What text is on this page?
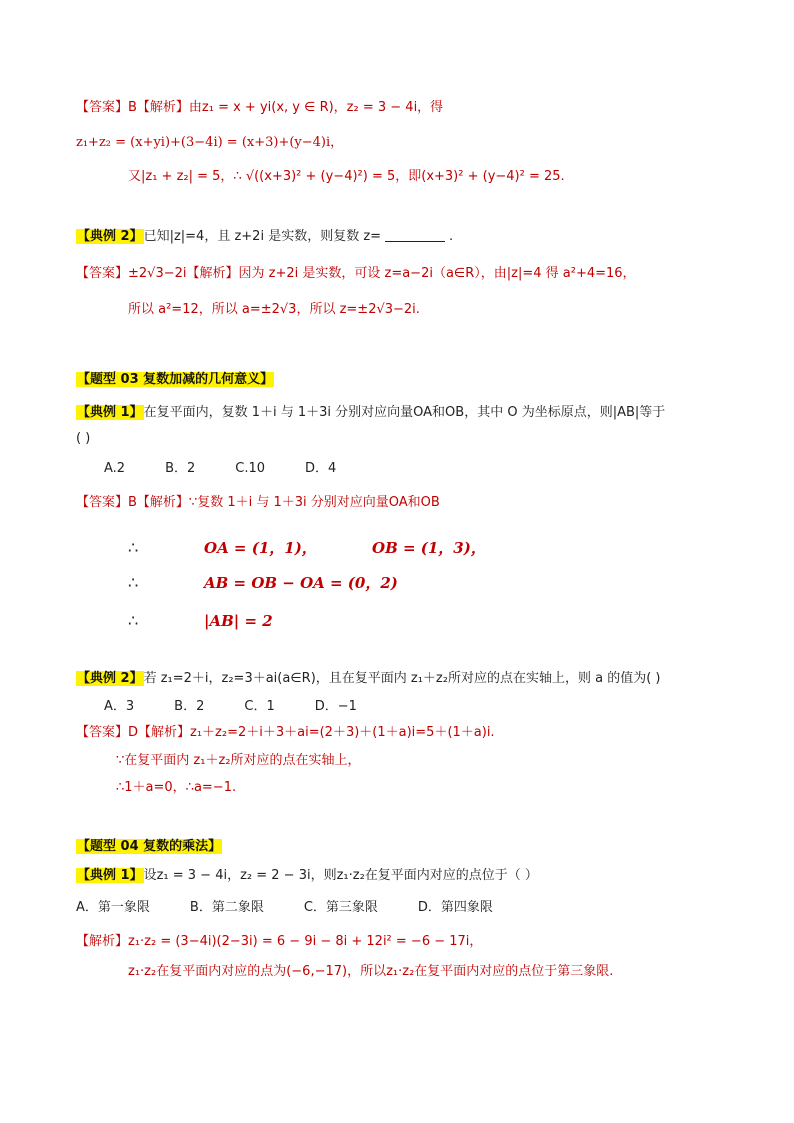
【答案】B【解析】由z₁ = x + yi(x, y ∈ R)，z₂ = 3 − 4i，得
z₁+z₂ = (x+yi)+(3−4i) = (x+3)+(y−4)i，
又|z₁ + z₂| = 5，∴ √((x+3)² + (y−4)²) = 5，即(x+3)² + (y−4)² = 25.
【典例 2】已知|z|=4，且 z+2i 是实数，则复数 z=	.
【答案】±2√3−2i【解析】因为 z+2i 是实数，可设 z=a−2i（a∈R），由|z|=4 得 a²+4=16，
所以 a²=12，所以 a=±2√3，所以 z=±2√3−2i.
【题型 03 复数加减的几何意义】
【典例 1】在复平面内，复数 1＋i 与 1＋3i 分别对应向量OA和OB，其中 O 为坐标原点，则|AB|等于
( )
A.2	B．2	C.10	D．4
【答案】B【解析】∵复数 1＋i 与 1＋3i 分别对应向量OA和OB
∴	OA = (1，1)，	OB = (1，3)，
∴	AB = OB − OA = (0，2)
∴	|AB| = 2
【典例 2】若 z₁=2＋i，z₂=3＋ai(a∈R)，且在复平面内 z₁＋z₂所对应的点在实轴上，则 a 的值为( )
A．3	B．2	C．1	D．−1
【答案】D【解析】z₁＋z₂=2＋i＋3＋ai=(2＋3)＋(1＋a)i=5＋(1＋a)i.
∵在复平面内 z₁＋z₂所对应的点在实轴上，
∴1＋a=0，∴a=−1.
【题型 04 复数的乘法】
【典例 1】设z₁ = 3 − 4i，z₂ = 2 − 3i，则z₁·z₂在复平面内对应的点位于（ ）
A．第一象限	B．第二象限	C．第三象限	D．第四象限
【解析】z₁·z₂ = (3−4i)(2−3i) = 6 − 9i − 8i + 12i² = −6 − 17i，
z₁·z₂在复平面内对应的点为(−6,−17)，所以z₁·z₂在复平面内对应的点位于第三象限.
